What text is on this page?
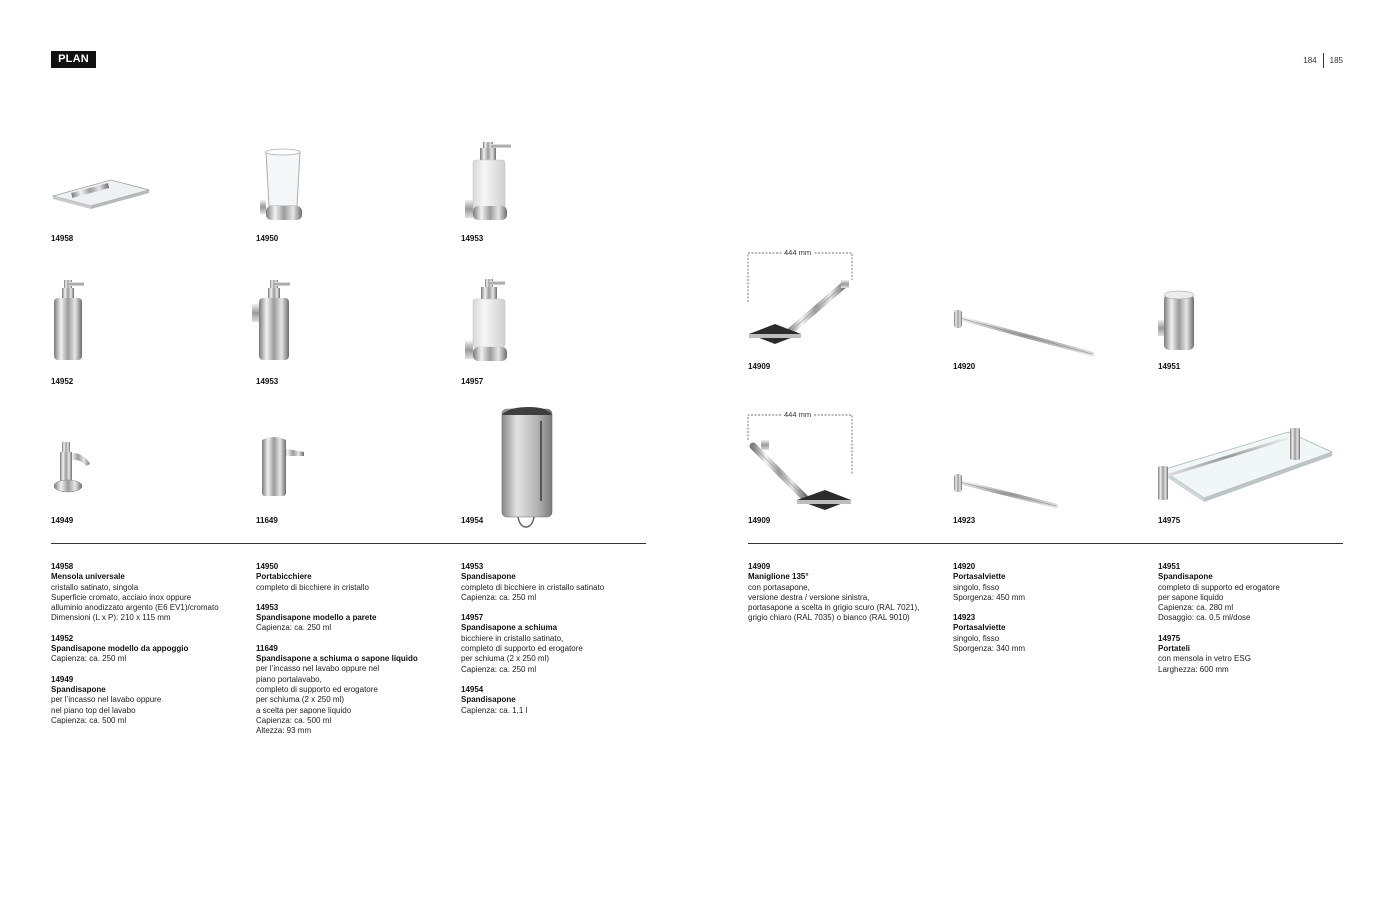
PLAN	184 185
14958	14950	14953
14952	14953	14957
14949	11649	14954
444 mm
14909	14920	14951
444 mm
14909	14923	14975
14958
Mensola universale
cristallo satinato, singola
Superficie cromato, acciaio inox oppure
alluminio anodizzato argento (E6 EV1)/cromato
Dimensioni (L x P): 210 x 115 mm
14952
Spandisapone modello da appoggio
Capienza: ca. 250 ml
14949
Spandisapone
per l’incasso nel lavabo oppure
nel piano top del lavabo
Capienza: ca. 500 ml
14950
Portabicchiere
completo di bicchiere in cristallo
14953
Spandisapone modello a parete
Capienza: ca. 250 ml
11649
Spandisapone a schiuma o sapone liquido
per l’incasso nel lavabo oppure nel
piano portalavabo,
completo di supporto ed erogatore
per schiuma (2 x 250 ml)
a scelta per sapone liquido
Capienza: ca. 500 ml
Altezza: 93 mm
14953
Spandisapone
completo di bicchiere in cristallo satinato
Capienza: ca. 250 ml
14957
Spandisapone a schiuma
bicchiere in cristallo satinato,
completo di supporto ed erogatore
per schiuma (2 x 250 ml)
Capienza: ca. 250 ml
14954
Spandisapone
Capienza: ca. 1,1 l
14909
Maniglione 135°
con portasapone,
versione destra / versione sinistra,
portasapone a scelta in grigio scuro (RAL 7021),
grigio chiaro (RAL 7035) o bianco (RAL 9010)
14920
Portasalviette
singolo, fisso
Sporgenza: 450 mm
14923
Portasalviette
singolo, fisso
Sporgenza: 340 mm
14951
Spandisapone
completo di supporto ed erogatore
per sapone liquido
Capienza: ca. 280 ml
Dosaggio: ca. 0,5 ml/dose
14975
Portateli
con mensola in vetro ESG
Larghezza: 600 mm
